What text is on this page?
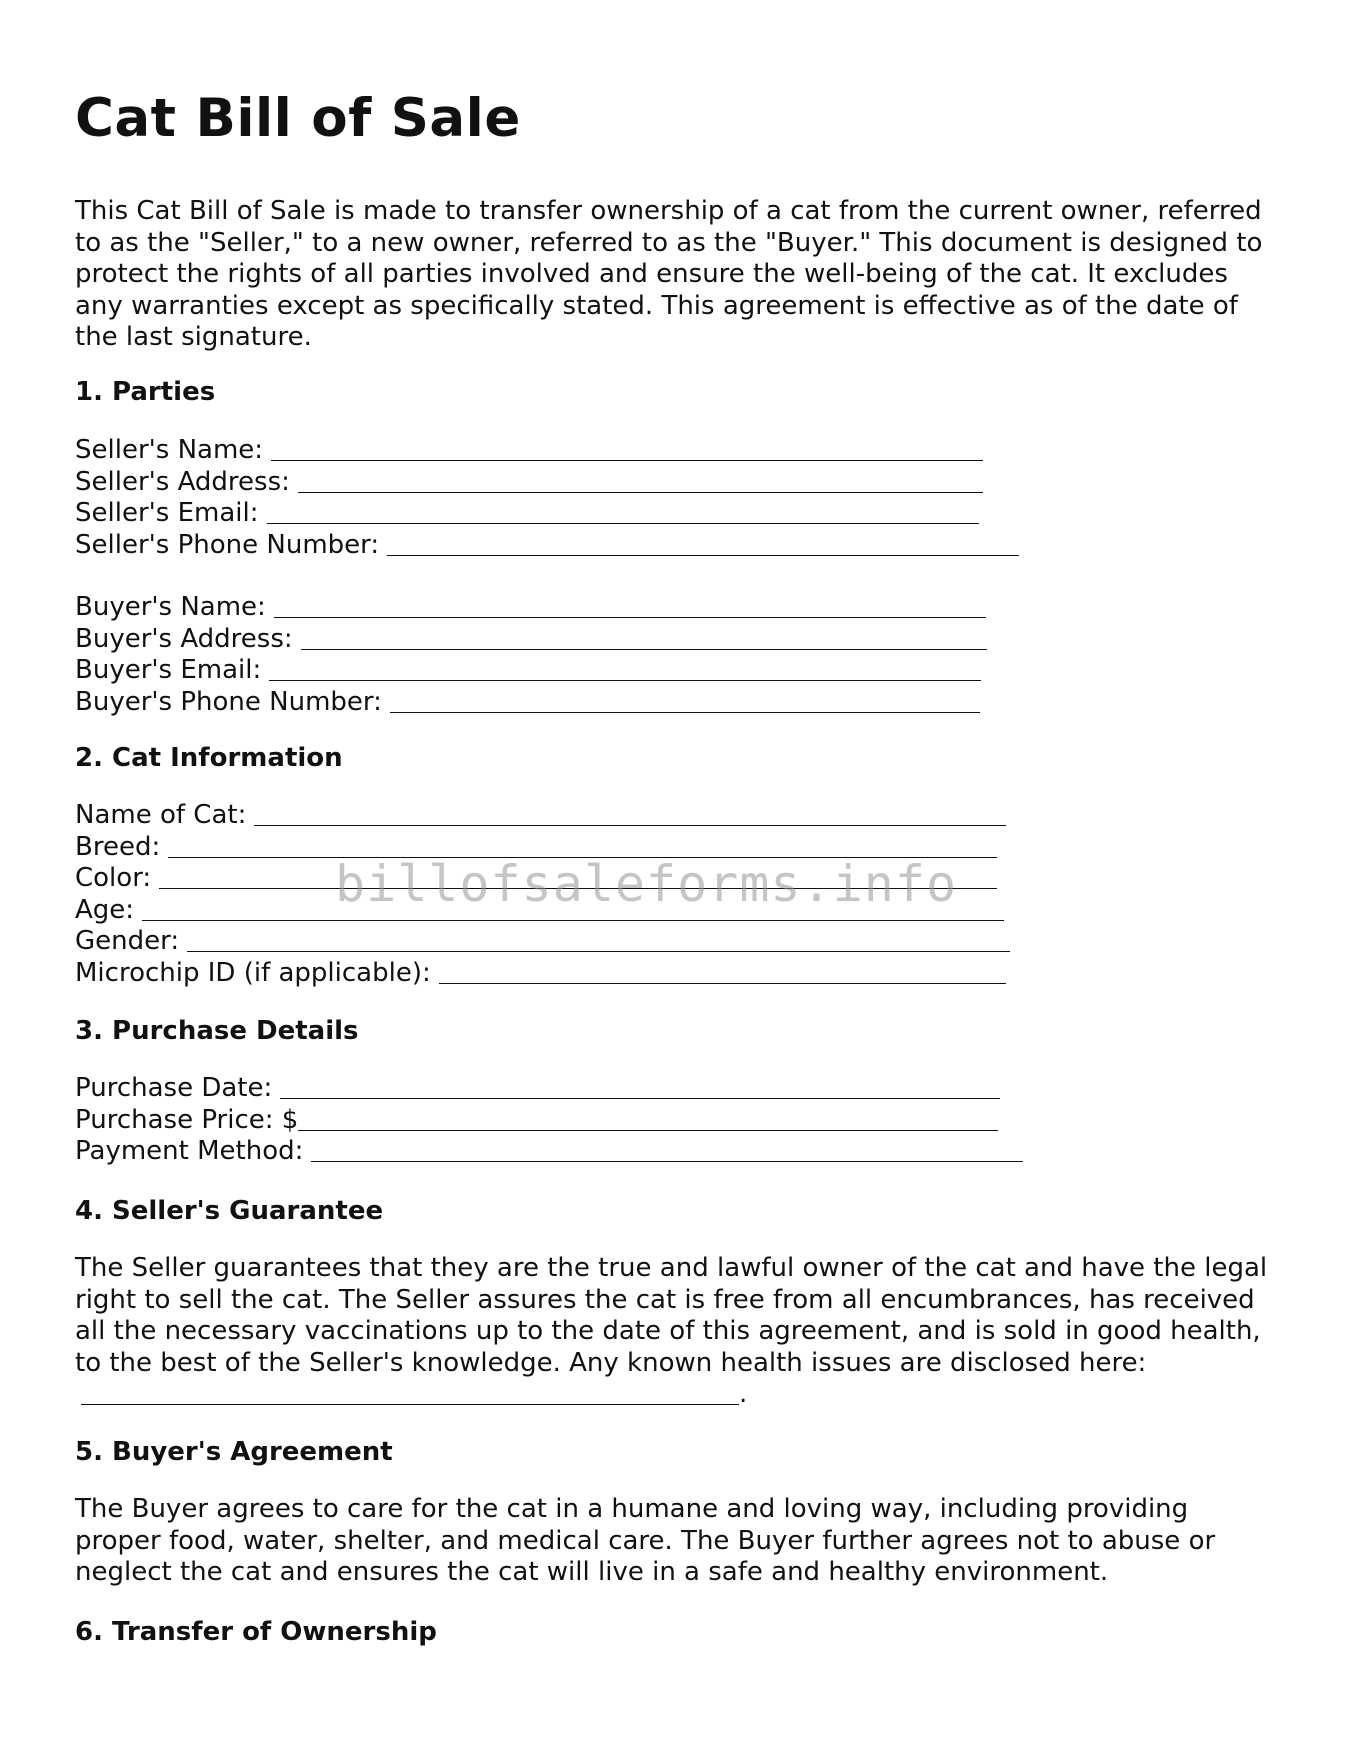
Cat Bill of Sale

This Cat Bill of Sale is made to transfer ownership of a cat from the current owner, referred to as the "Seller," to a new owner, referred to as the "Buyer." This document is designed to protect the rights of all parties involved and ensure the well-being of the cat. It excludes any warranties except as specifically stated. This agreement is effective as of the date of the last signature.

1. Parties
Seller's Name:
Seller's Address:
Seller's Email:
Seller's Phone Number:
Buyer's Name:
Buyer's Address:
Buyer's Email:
Buyer's Phone Number:
2. Cat Information
Name of Cat:
Breed:
Color:
Age:
Gender:
Microchip ID (if applicable):
3. Purchase Details
Purchase Date:
Purchase Price: $
Payment Method:
4. Seller's Guarantee

The Seller guarantees that they are the true and lawful owner of the cat and have the legal right to sell the cat. The Seller assures the cat is free from all encumbrances, has received all the necessary vaccinations up to the date of this agreement, and is sold in good health, to the best of the Seller's knowledge. Any known health issues are disclosed here:.

5. Buyer's Agreement

The Buyer agrees to care for the cat in a humane and loving way, including providing proper food, water, shelter, and medical care. The Buyer further agrees not to abuse or neglect the cat and ensures the cat will live in a safe and healthy environment.

6. Transfer of Ownership
billofsaleforms.info
